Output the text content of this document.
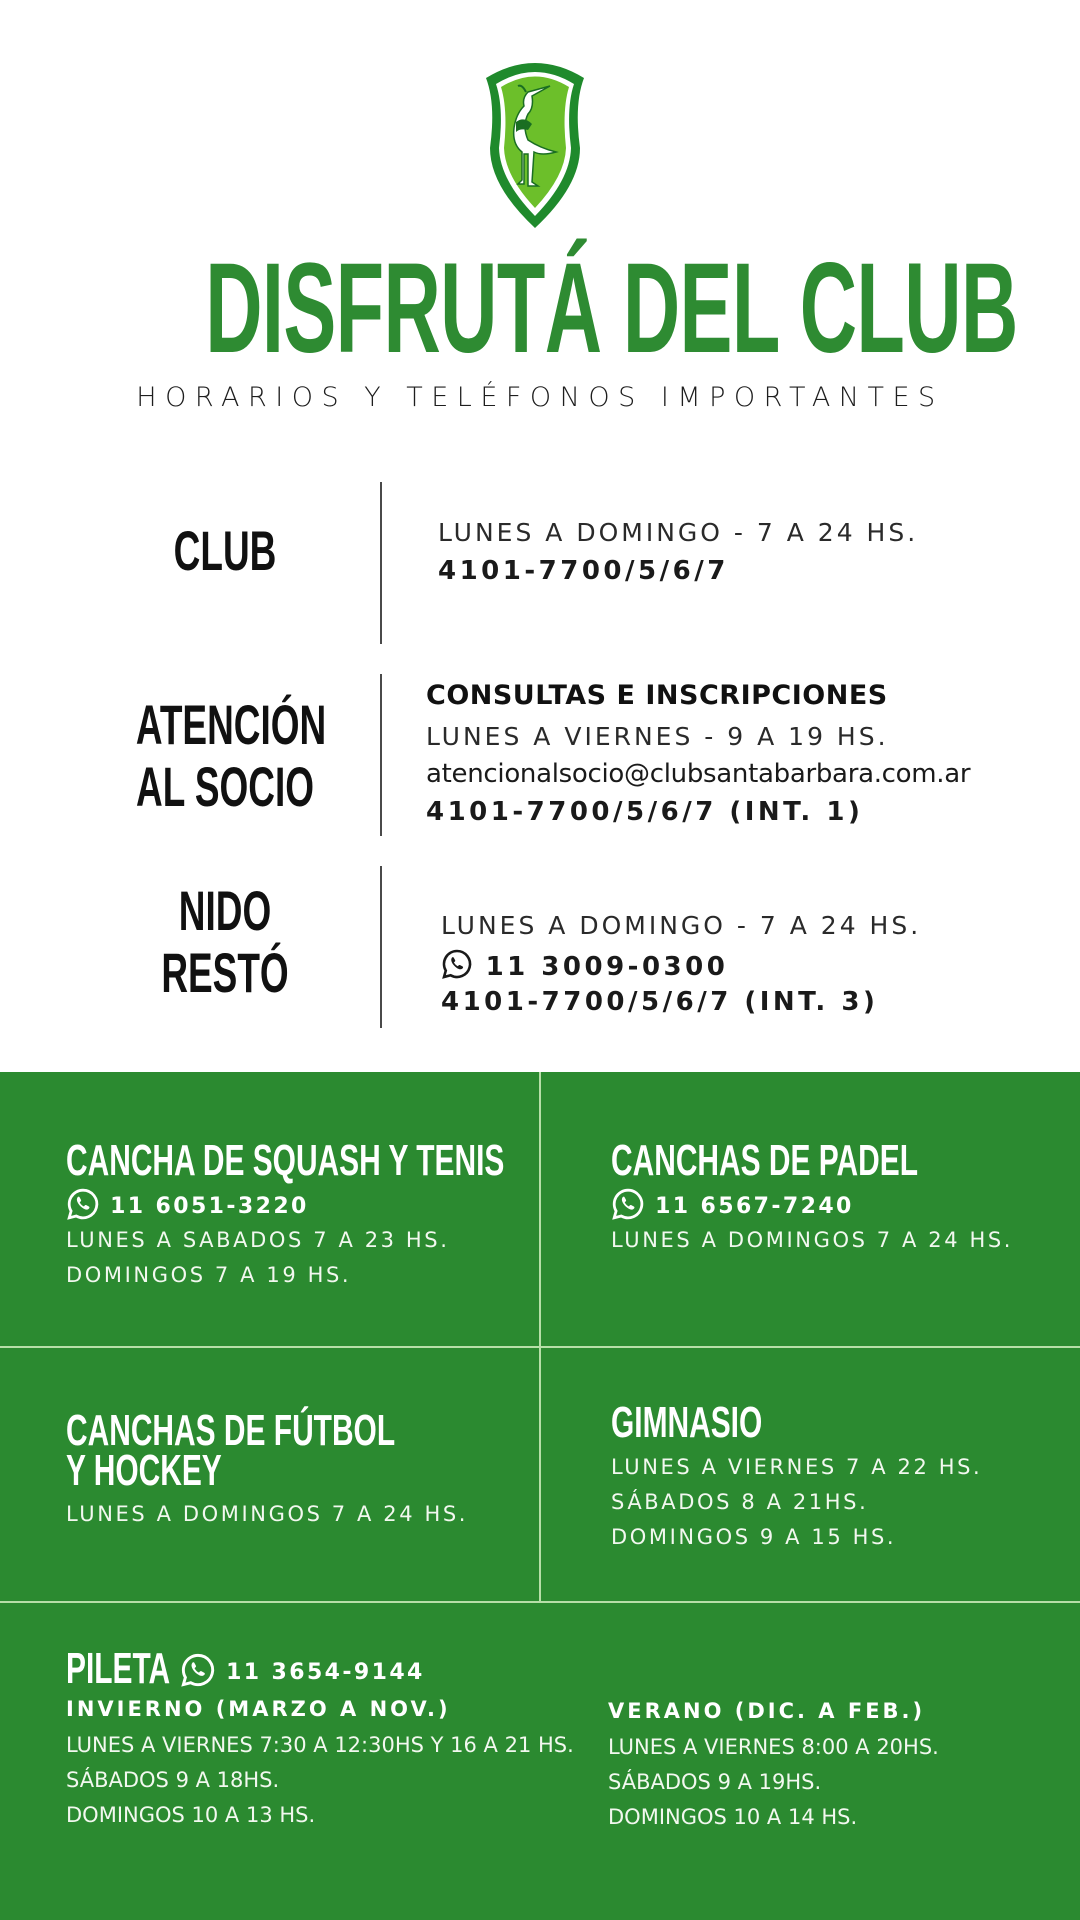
DISFRUTÁ DEL CLUB
HORARIOS Y TELÉFONOS IMPORTANTES
CLUB	LUNES A DOMINGO - 7 A 24 HS.
4101-7700/5/6/7
ATENCIÓN
AL SOCIO
CONSULTAS E INSCRIPCIONES
LUNES A VIERNES - 9 A 19 HS.
atencionalsocio@clubsantabarbara.com.ar
4101-7700/5/6/7 (INT. 1)
NIDO
RESTÓ
LUNES A DOMINGO - 7 A 24 HS.
11 3009-0300
4101-7700/5/6/7 (INT. 3)
CANCHA DE SQUASH Y TENIS
11 6051-3220
LUNES A SABADOS 7 A 23 HS.
DOMINGOS 7 A 19 HS.
CANCHAS DE PADEL
11 6567-7240
LUNES A DOMINGOS 7 A 24 HS.
CANCHAS DE FÚTBOL
Y HOCKEY
LUNES A DOMINGOS 7 A 24 HS.
GIMNASIO
LUNES A VIERNES 7 A 22 HS.
SÁBADOS 8 A 21HS.
DOMINGOS 9 A 15 HS.
PILETA	11 3654-9144
INVIERNO (MARZO A NOV.)
LUNES A VIERNES 7:30 A 12:30HS Y 16 A 21 HS.
SÁBADOS 9 A 18HS.
DOMINGOS 10 A 13 HS.
VERANO (DIC. A FEB.)
LUNES A VIERNES 8:00 A 20HS.
SÁBADOS 9 A 19HS.
DOMINGOS 10 A 14 HS.
